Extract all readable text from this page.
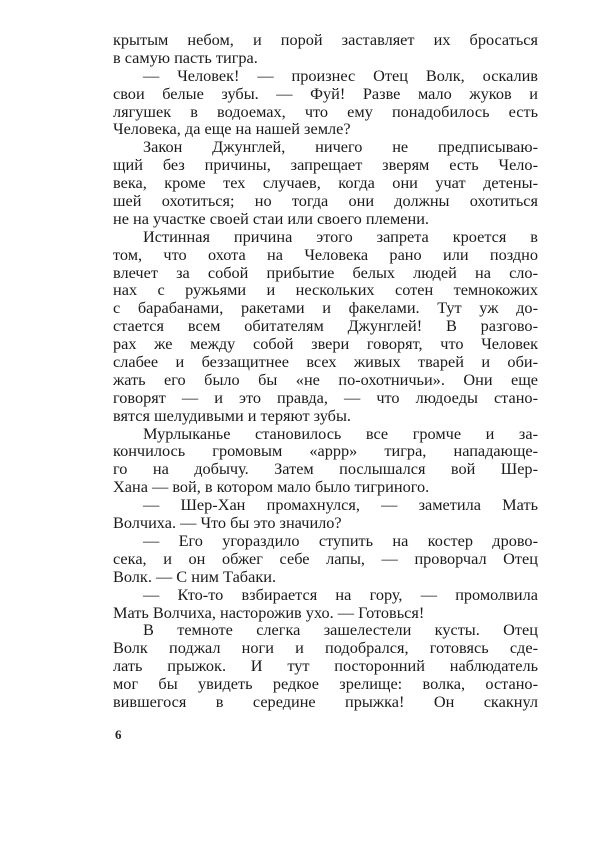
крытым небом, и порой заставляет их бросаться
в самую пасть тигра.
— Человек! — произнес Отец Волк, оскалив
свои белые зубы. — Фуй! Разве мало жуков и
лягушек в водоемах, что ему понадобилось есть
Человека, да еще на нашей земле?
Закон Джунглей, ничего не предписываю-
щий без причины, запрещает зверям есть Чело-
века, кроме тех случаев, когда они учат детены-
шей охотиться; но тогда они должны охотиться
не на участке своей стаи или своего племени.
Истинная причина этого запрета кроется в
том, что охота на Человека рано или поздно
влечет за собой прибытие белых людей на сло-
нах с ружьями и нескольких сотен темнокожих
с барабанами, ракетами и факелами. Тут уж до-
стается всем обитателям Джунглей! В разгово-
рах же между собой звери говорят, что Человек
слабее и беззащитнее всех живых тварей и оби-
жать его было бы «не по-охотничьи». Они еще
говорят — и это правда, — что людоеды стано-
вятся шелудивыми и теряют зубы.
Мурлыканье становилось все громче и за-
кончилось громовым «аррр» тигра, нападающе-
го на добычу. Затем послышался вой Шер-
Хана — вой, в котором мало было тигриного.
— Шер-Хан промахнулся, — заметила Мать
Волчиха. — Что бы это значило?
— Его угораздило ступить на костер дрово-
сека, и он обжег себе лапы, — проворчал Отец
Волк. — С ним Табаки.
— Кто-то взбирается на гору, — промолвила
Мать Волчиха, насторожив ухо. — Готовься!
В темноте слегка зашелестели кусты. Отец
Волк поджал ноги и подобрался, готовясь сде-
лать прыжок. И тут посторонний наблюдатель
мог бы увидеть редкое зрелище: волка, остано-
вившегося в середине прыжка! Он скакнул
6
